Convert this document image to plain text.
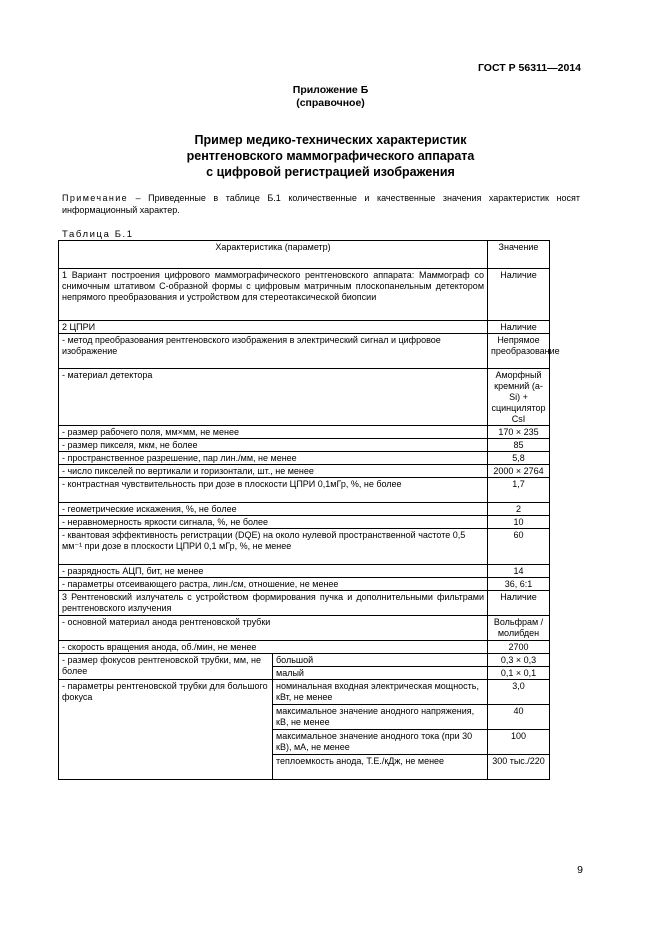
ГОСТ Р 56311—2014
Приложение Б
(справочное)
Пример медико-технических характеристик
рентгеновского маммографического аппарата
с цифровой регистрацией изображения
Примечание – Приведенные в таблице Б.1 количественные и качественные значения характеристик носят информационный характер.
Таблица Б.1
Характеристика (параметр)		Значение
1 Вариант построения цифрового маммографического рентгеновского аппарата: Маммограф со снимочным штативом С-образной формы с цифровым матричным плоскопанельным детектором непрямого преобразования и устройством для стереотаксической биопсии		Наличие
2 ЦПРИ		Наличие
- метод преобразования рентгеновского изображения в электрический сигнал и цифровое изображение		Непрямое преобразование
- материал детектора		Аморфный кремний (a-Si) + сцинцилятор CsI
- размер рабочего поля, мм×мм, не менее		170 × 235
- размер пикселя, мкм, не более		85
- пространственное разрешение, пар лин./мм, не менее		5,8
- число пикселей по вертикали и горизонтали, шт., не менее		2000 × 2764
- контрастная чувствительность при дозе в плоскости ЦПРИ 0,1мГр, %, не более		1,7
- геометрические искажения, %, не более		2
- неравномерность яркости сигнала, %, не более		10
- квантовая эффективность регистрации (DQE) на около нулевой пространственной частоте 0,5 мм⁻¹ при дозе в плоскости ЦПРИ 0,1 мГр, %, не менее		60
- разрядность АЦП, бит, не менее		14
- параметры отсеивающего растра, лин./см, отношение, не менее		36, 6:1
3 Рентгеновский излучатель с устройством формирования пучка и дополнительными фильтрами рентгеновского излучения		Наличие
- основной материал анода рентгеновской трубки		Вольфрам / молибден
- скорость вращения анода, об./мин, не менее		2700
- размер фокусов рентгеновской трубки, мм, не более	большой	0,3 × 0,3
	малый	0,1 × 0,1
- параметры рентгеновской трубки для большого фокуса	номинальная входная электрическая мощность, кВт, не менее	3,0
	максимальное значение анодного напряжения, кВ, не менее	40
	максимальное значение анодного тока (при 30 кВ), мА, не менее	100
	теплоемкость анода, Т.Е./кДж, не менее	300 тыс./220
9
